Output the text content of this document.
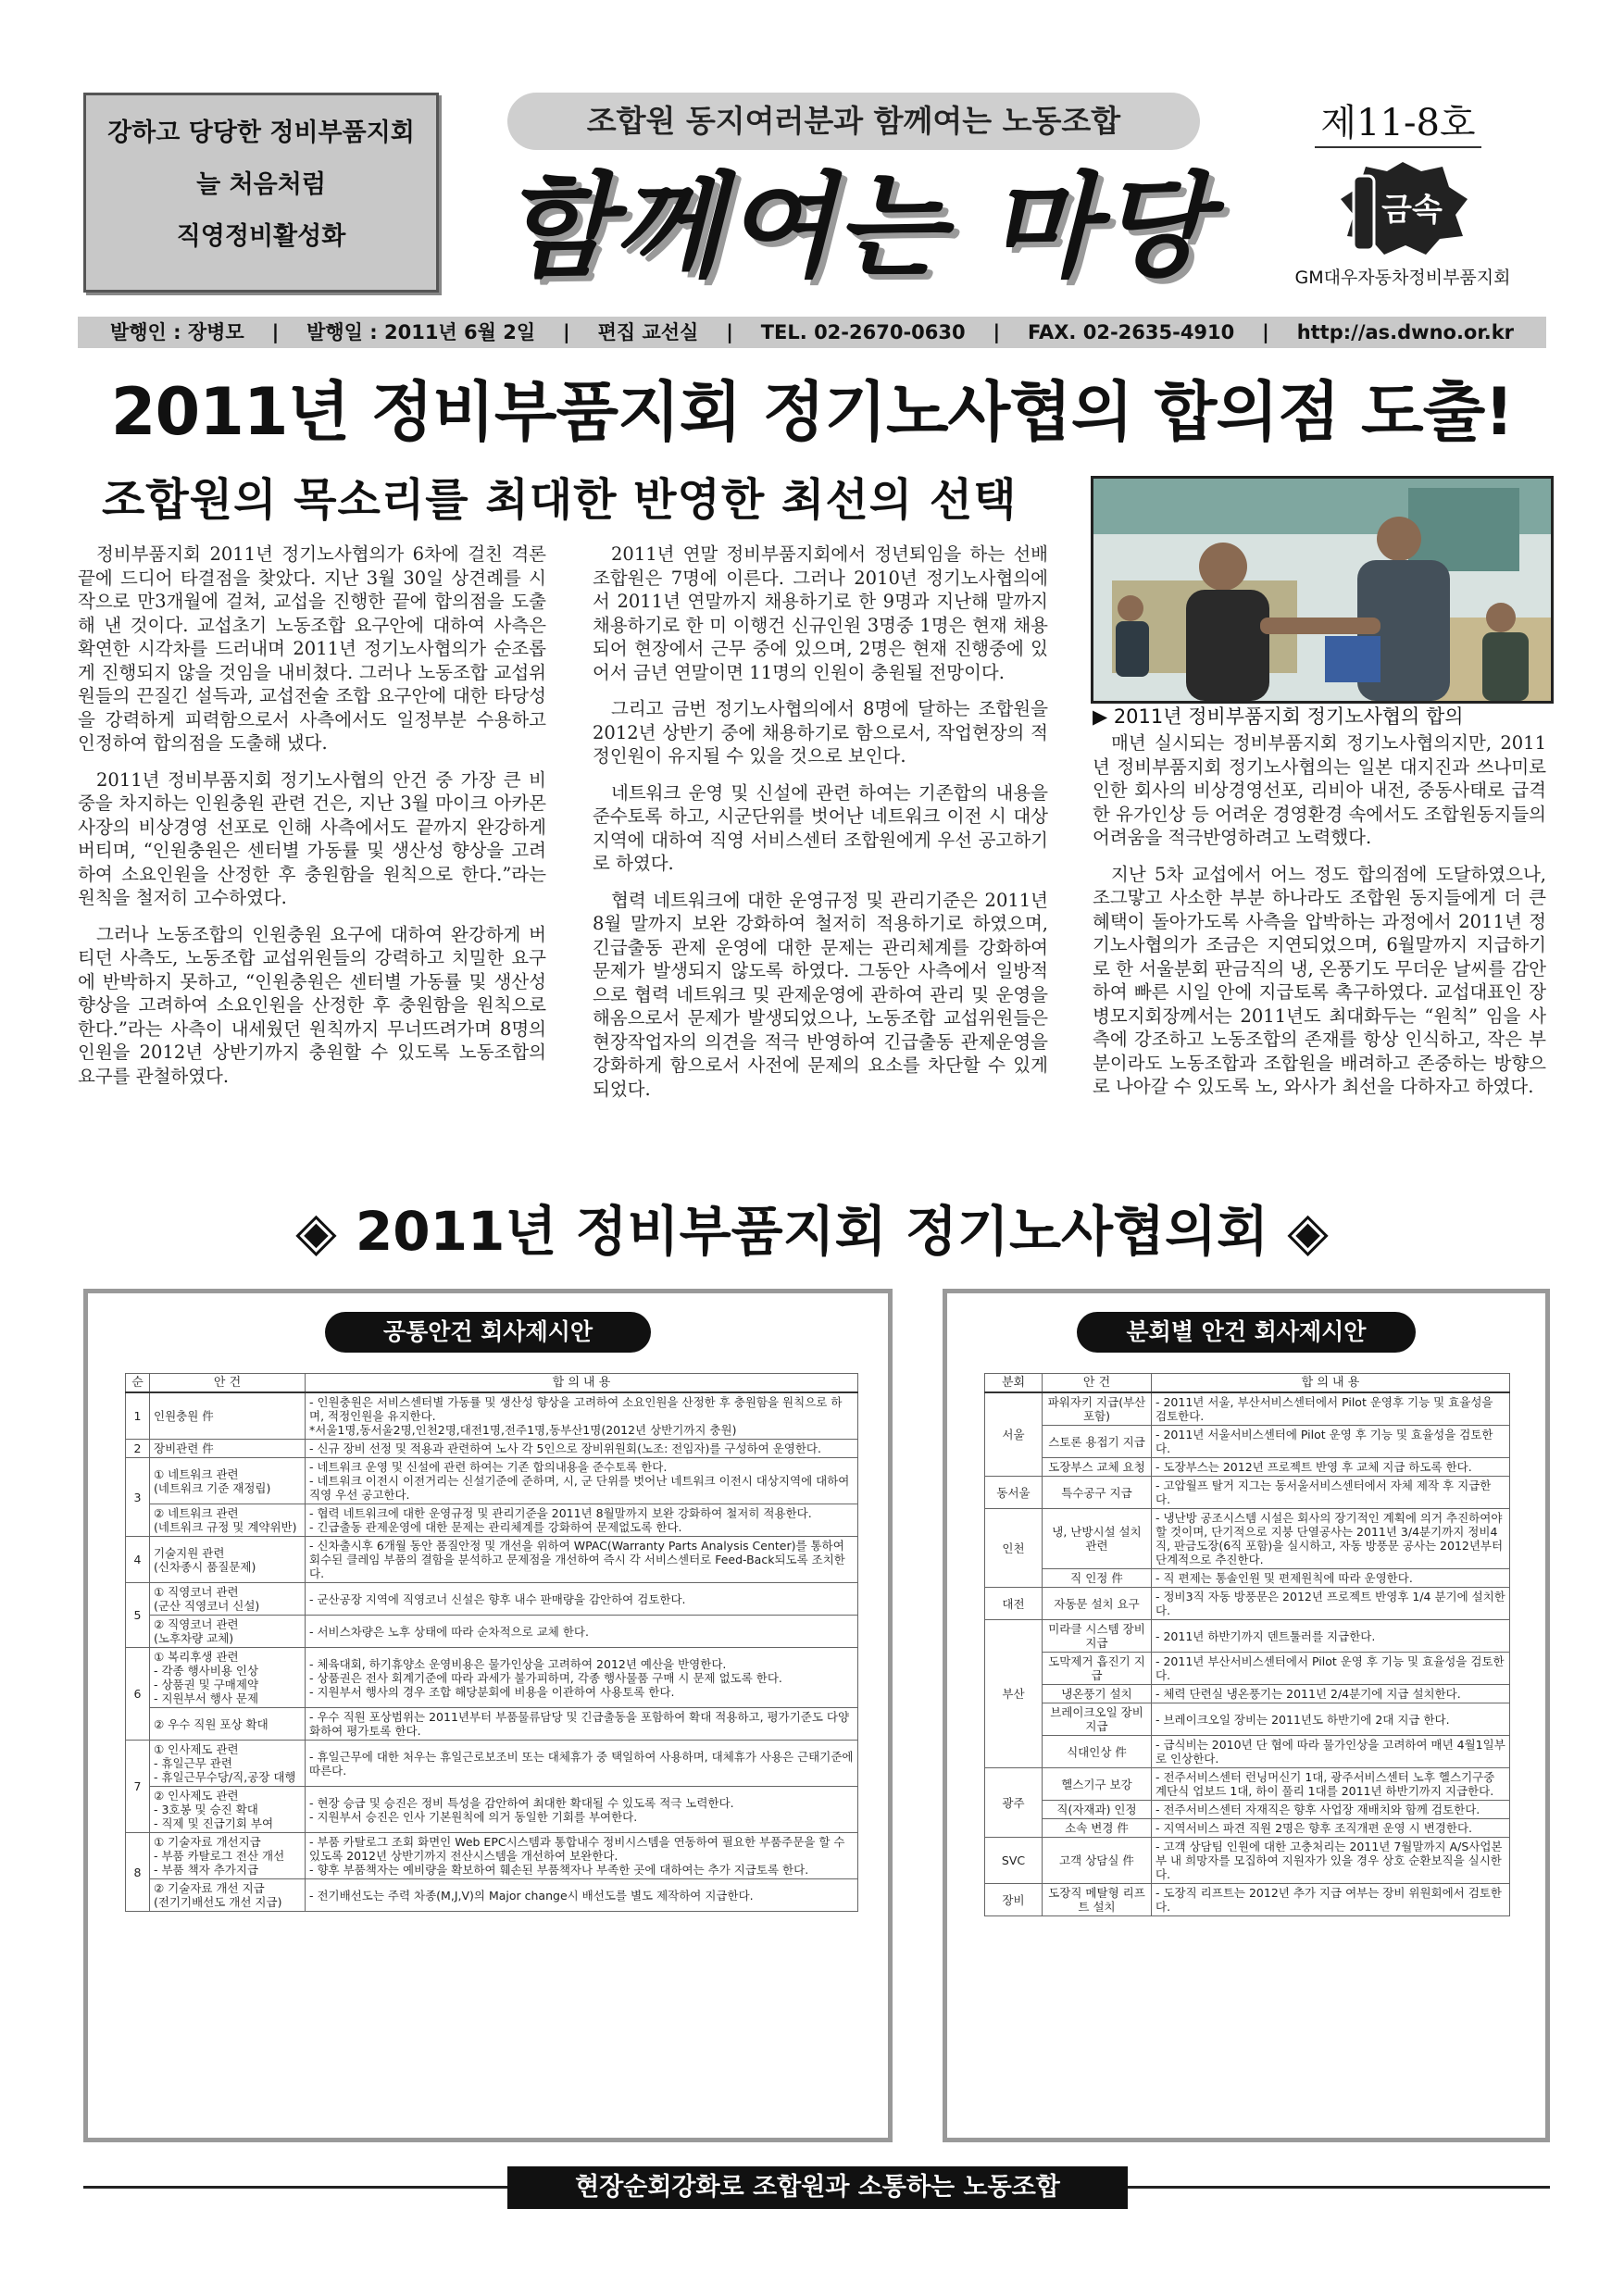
강하고 당당한 정비부품지회
늘 처음처럼
직영정비활성화
조합원 동지여러분과 함께여는 노동조합
함께여는 마당
제11-8호
금속
GM대우자동차정비부품지회
발행인 : 장병모 | 발행일 : 2011년 6월 2일 | 편집 교선실 | TEL. 02-2670-0630 | FAX. 02-2635-4910 | http://as.dwno.or.kr
2011년 정비부품지회 정기노사협의 합의점 도출!
조합원의 목소리를 최대한 반영한 최선의 선택

정비부품지회 2011년 정기노사협의가 6차에 걸친 격론 끝에 드디어 타결점을 찾았다. 지난 3월 30일 상견례를 시작으로 만3개월에 걸쳐, 교섭을 진행한 끝에 합의점을 도출해 낸 것이다. 교섭초기 노동조합 요구안에 대하여 사측은 확연한 시각차를 드러내며 2011년 정기노사협의가 순조롭게 진행되지 않을 것임을 내비쳤다. 그러나 노동조합 교섭위원들의 끈질긴 설득과, 교섭전술 조합 요구안에 대한 타당성을 강력하게 피력함으로서 사측에서도 일정부분 수용하고 인정하여 합의점을 도출해 냈다.

2011년 정비부품지회 정기노사협의 안건 중 가장 큰 비중을 차지하는 인원충원 관련 건은, 지난 3월 마이크 아카몬사장의 비상경영 선포로 인해 사측에서도 끝까지 완강하게 버티며, “인원충원은 센터별 가동률 및 생산성 향상을 고려하여 소요인원을 산정한 후 충원함을 원칙으로 한다.”라는 원칙을 철저히 고수하였다.

그러나 노동조합의 인원충원 요구에 대하여 완강하게 버티던 사측도, 노동조합 교섭위원들의 강력하고 치밀한 요구에 반박하지 못하고, “인원충원은 센터별 가동률 및 생산성 향상을 고려하여 소요인원을 산정한 후 충원함을 원칙으로 한다.”라는 사측이 내세웠던 원칙까지 무너뜨려가며 8명의 인원을 2012년 상반기까지 충원할 수 있도록 노동조합의 요구를 관철하였다.

2011년 연말 정비부품지회에서 정년퇴임을 하는 선배 조합원은 7명에 이른다. 그러나 2010년 정기노사협의에서 2011년 연말까지 채용하기로 한 9명과 지난해 말까지 채용하기로 한 미 이행건 신규인원 3명중 1명은 현재 채용되어 현장에서 근무 중에 있으며, 2명은 현재 진행중에 있어서 금년 연말이면 11명의 인원이 충원될 전망이다.

그리고 금번 정기노사협의에서 8명에 달하는 조합원을 2012년 상반기 중에 채용하기로 함으로서, 작업현장의 적정인원이 유지될 수 있을 것으로 보인다.

네트워크 운영 및 신설에 관련 하여는 기존합의 내용을 준수토록 하고, 시군단위를 벗어난 네트워크 이전 시 대상지역에 대하여 직영 서비스센터 조합원에게 우선 공고하기로 하였다.

협력 네트워크에 대한 운영규정 및 관리기준은 2011년 8월 말까지 보완 강화하여 철저히 적용하기로 하였으며, 긴급출동 관제 운영에 대한 문제는 관리체계를 강화하여 문제가 발생되지 않도록 하였다. 그동안 사측에서 일방적으로 협력 네트워크 및 관제운영에 관하여 관리 및 운영을 해옴으로서 문제가 발생되었으나, 노동조합 교섭위원들은 현장작업자의 의견을 적극 반영하여 긴급출동 관제운영을 강화하게 함으로서 사전에 문제의 요소를 차단할 수 있게 되었다.

▶ 2011년 정비부품지회 정기노사협의 합의

매년 실시되는 정비부품지회 정기노사협의지만, 2011년 정비부품지회 정기노사협의는 일본 대지진과 쓰나미로 인한 회사의 비상경영선포, 리비아 내전, 중동사태로 급격한 유가인상 등 어려운 경영환경 속에서도 조합원동지들의 어려움을 적극반영하려고 노력했다.

지난 5차 교섭에서 어느 정도 합의점에 도달하였으나, 조그맣고 사소한 부분 하나라도 조합원 동지들에게 더 큰 혜택이 돌아가도록 사측을 압박하는 과정에서 2011년 정기노사협의가 조금은 지연되었으며, 6월말까지 지급하기로 한 서울분회 판금직의 냉, 온풍기도 무더운 날씨를 감안하여 빠른 시일 안에 지급토록 촉구하였다. 교섭대표인 장병모지회장께서는 2011년도 최대화두는 “원칙” 임을 사측에 강조하고 노동조합의 존재를 항상 인식하고, 작은 부분이라도 노동조합과 조합원을 배려하고 존중하는 방향으로 나아갈 수 있도록 노, 와사가 최선을 다하자고 하였다.

◈ 2011년 정비부품지회 정기노사협의회 ◈
공통안건 회사제시안
순	안 건	합 의 내 용
1	인원충원 件	- 인원충원은 서비스센터별 가동률 및 생산성 향상을 고려하여 소요인원을 산정한 후 충원함을 원칙으로 하며, 적정인원을 유지한다.
*서울1명,동서울2명,인천2명,대전1명,전주1명,동부산1명(2012년 상반기까지 충원)
2	장비관련 件	- 신규 장비 선정 및 적용과 관련하여 노사 각 5인으로 장비위원회(노조: 전임자)를 구성하여 운영한다.
3	① 네트워크 관련
(네트워크 기준 재정립)	- 네트워크 운영 및 신설에 관련 하여는 기존 합의내용을 준수토록 한다.
- 네트워크 이전시 이전거리는 신설기준에 준하며, 시, 군 단위를 벗어난 네트워크 이전시 대상지역에 대하여 직영 우선 공고한다.
	② 네트워크 관련
(네트워크 규정 및 계약위반)	- 협력 네트워크에 대한 운영규정 및 관리기준을 2011년 8월말까지 보완 강화하여 철저히 적용한다.
- 긴급출동 관제운영에 대한 문제는 관리체계를 강화하여 문제없도록 한다.
4	기술지원 관련
(신차종시 품질문제)	- 신차출시후 6개월 동안 품질안정 및 개선을 위하여 WPAC(Warranty Parts Analysis Center)를 통하여 회수된 클레임 부품의 결함을 분석하고 문제점을 개선하여 즉시 각 서비스센터로 Feed-Back되도록 조치한다.
5	① 직영코너 관련
(군산 직영코너 신설)	- 군산공장 지역에 직영코너 신설은 향후 내수 판매량을 감안하여 검토한다.
	② 직영코너 관련
(노후차량 교체)	- 서비스차량은 노후 상태에 따라 순차적으로 교체 한다.
6	① 복리후생 관련
- 각종 행사비용 인상
- 상품권 및 구매제약
- 지원부서 행사 문제	- 체육대회, 하기휴양소 운영비용은 물가인상을 고려하여 2012년 예산을 반영한다.
- 상품권은 전사 회계기준에 따라 과세가 불가피하며, 각종 행사물품 구매 시 문제 없도록 한다.
- 지원부서 행사의 경우 조합 해당분회에 비용을 이관하여 사용토록 한다.
	② 우수 직원 포상 확대	- 우수 직원 포상범위는 2011년부터 부품물류담당 및 긴급출동을 포함하여 확대 적용하고, 평가기준도 다양화하여 평가토록 한다.
7	① 인사제도 관련
- 휴일근무 관련
- 휴일근무수당/직,공장 대행	- 휴일근무에 대한 처우는 휴일근로보조비 또는 대체휴가 중 택일하여 사용하며, 대체휴가 사용은 근태기준에 따른다.
	② 인사제도 관련
- 3호봉 및 승진 확대
- 직제 및 진급기회 부여	- 현장 승급 및 승진은 정비 특성을 감안하여 최대한 확대될 수 있도록 적극 노력한다.
- 지원부서 승진은 인사 기본원칙에 의거 동일한 기회를 부여한다.
8	① 기술자료 개선지급
- 부품 카탈로그 전산 개선
- 부품 책자 추가지급	- 부품 카탈로그 조회 화면인 Web EPC시스템과 통합내수 정비시스템을 연동하여 필요한 부품주문을 할 수 있도록 2012년 상반기까지 전산시스템을 개선하여 보완한다.
- 향후 부품책자는 예비량을 확보하여 훼손된 부품책자나 부족한 곳에 대하여는 추가 지급토록 한다.
	② 기술자료 개선 지급
(전기기배선도 개선 지급)	- 전기배선도는 주력 차종(M,J,V)의 Major change시 배선도를 별도 제작하여 지급한다.
분회별 안건 회사제시안
분회	안 건	합 의 내 용
서울	파워자키 지급(부산포함)	- 2011년 서울, 부산서비스센터에서 Pilot 운영후 기능 및 효율성을 검토한다.
	스토론 용접기 지급	- 2011년 서울서비스센터에 Pilot 운영 후 기능 및 효율성을 검토한다.
	도장부스 교체 요청	- 도장부스는 2012년 프로젝트 반영 후 교체 지급 하도록 한다.
동서울	특수공구 지급	- 고압월프 탈거 지그는 동서울서비스센터에서 자체 제작 후 지급한다.
인천	냉, 난방시설 설치 관련	- 냉난방 공조시스템 시설은 회사의 장기적인 계획에 의거 추진하여야 할 것이며, 단기적으로 지붕 단열공사는 2011년 3/4분기까지 정비4직, 판금도장(6직 포함)을 실시하고, 자동 방풍문 공사는 2012년부터 단계적으로 추진한다.
	직 인정 件	- 직 편제는 통솔인원 및 편제원칙에 따라 운영한다.
대전	자동문 설치 요구	- 정비3직 자동 방풍문은 2012년 프로젝트 반영후 1/4 분기에 설치한다.
부산	미라클 시스템 장비 지급	- 2011년 하반기까지 덴트툴러를 지급한다.
	도막제거 흡진기 지급	- 2011년 부산서비스센터에서 Pilot 운영 후 기능 및 효율성을 검토한다.
	냉온풍기 설치	- 체력 단련실 냉온풍기는 2011년 2/4분기에 지급 설치한다.
	브레이크오일 장비 지급	- 브레이크오일 장비는 2011년도 하반기에 2대 지급 한다.
	식대인상 件	- 급식비는 2010년 단 협에 따라 물가인상을 고려하여 매년 4월1일부로 인상한다.
광주	헬스기구 보강	- 전주서비스센터 런닝머신기 1대, 광주서비스센터 노후 헬스기구중 계단식 업보드 1대, 하이 풀리 1대를 2011년 하반기까지 지급한다.
	직(자재과) 인정	- 전주서비스센터 자재직은 향후 사업장 재배치와 함께 검토한다.
	소속 변경 件	- 지역서비스 파견 직원 2명은 향후 조직개편 운영 시 변경한다.
SVC	고객 상담실 件	- 고객 상담팀 인원에 대한 고충처리는 2011년 7월말까지 A/S사업본부 내 희망자를 모집하여 지원자가 있을 경우 상호 순환보직을 실시한다.
장비	도장직 메탈형 리프트 설치	- 도장직 리프트는 2012년 추가 지급 여부는 장비 위원회에서 검토한다.
현장순회강화로 조합원과 소통하는 노동조합
